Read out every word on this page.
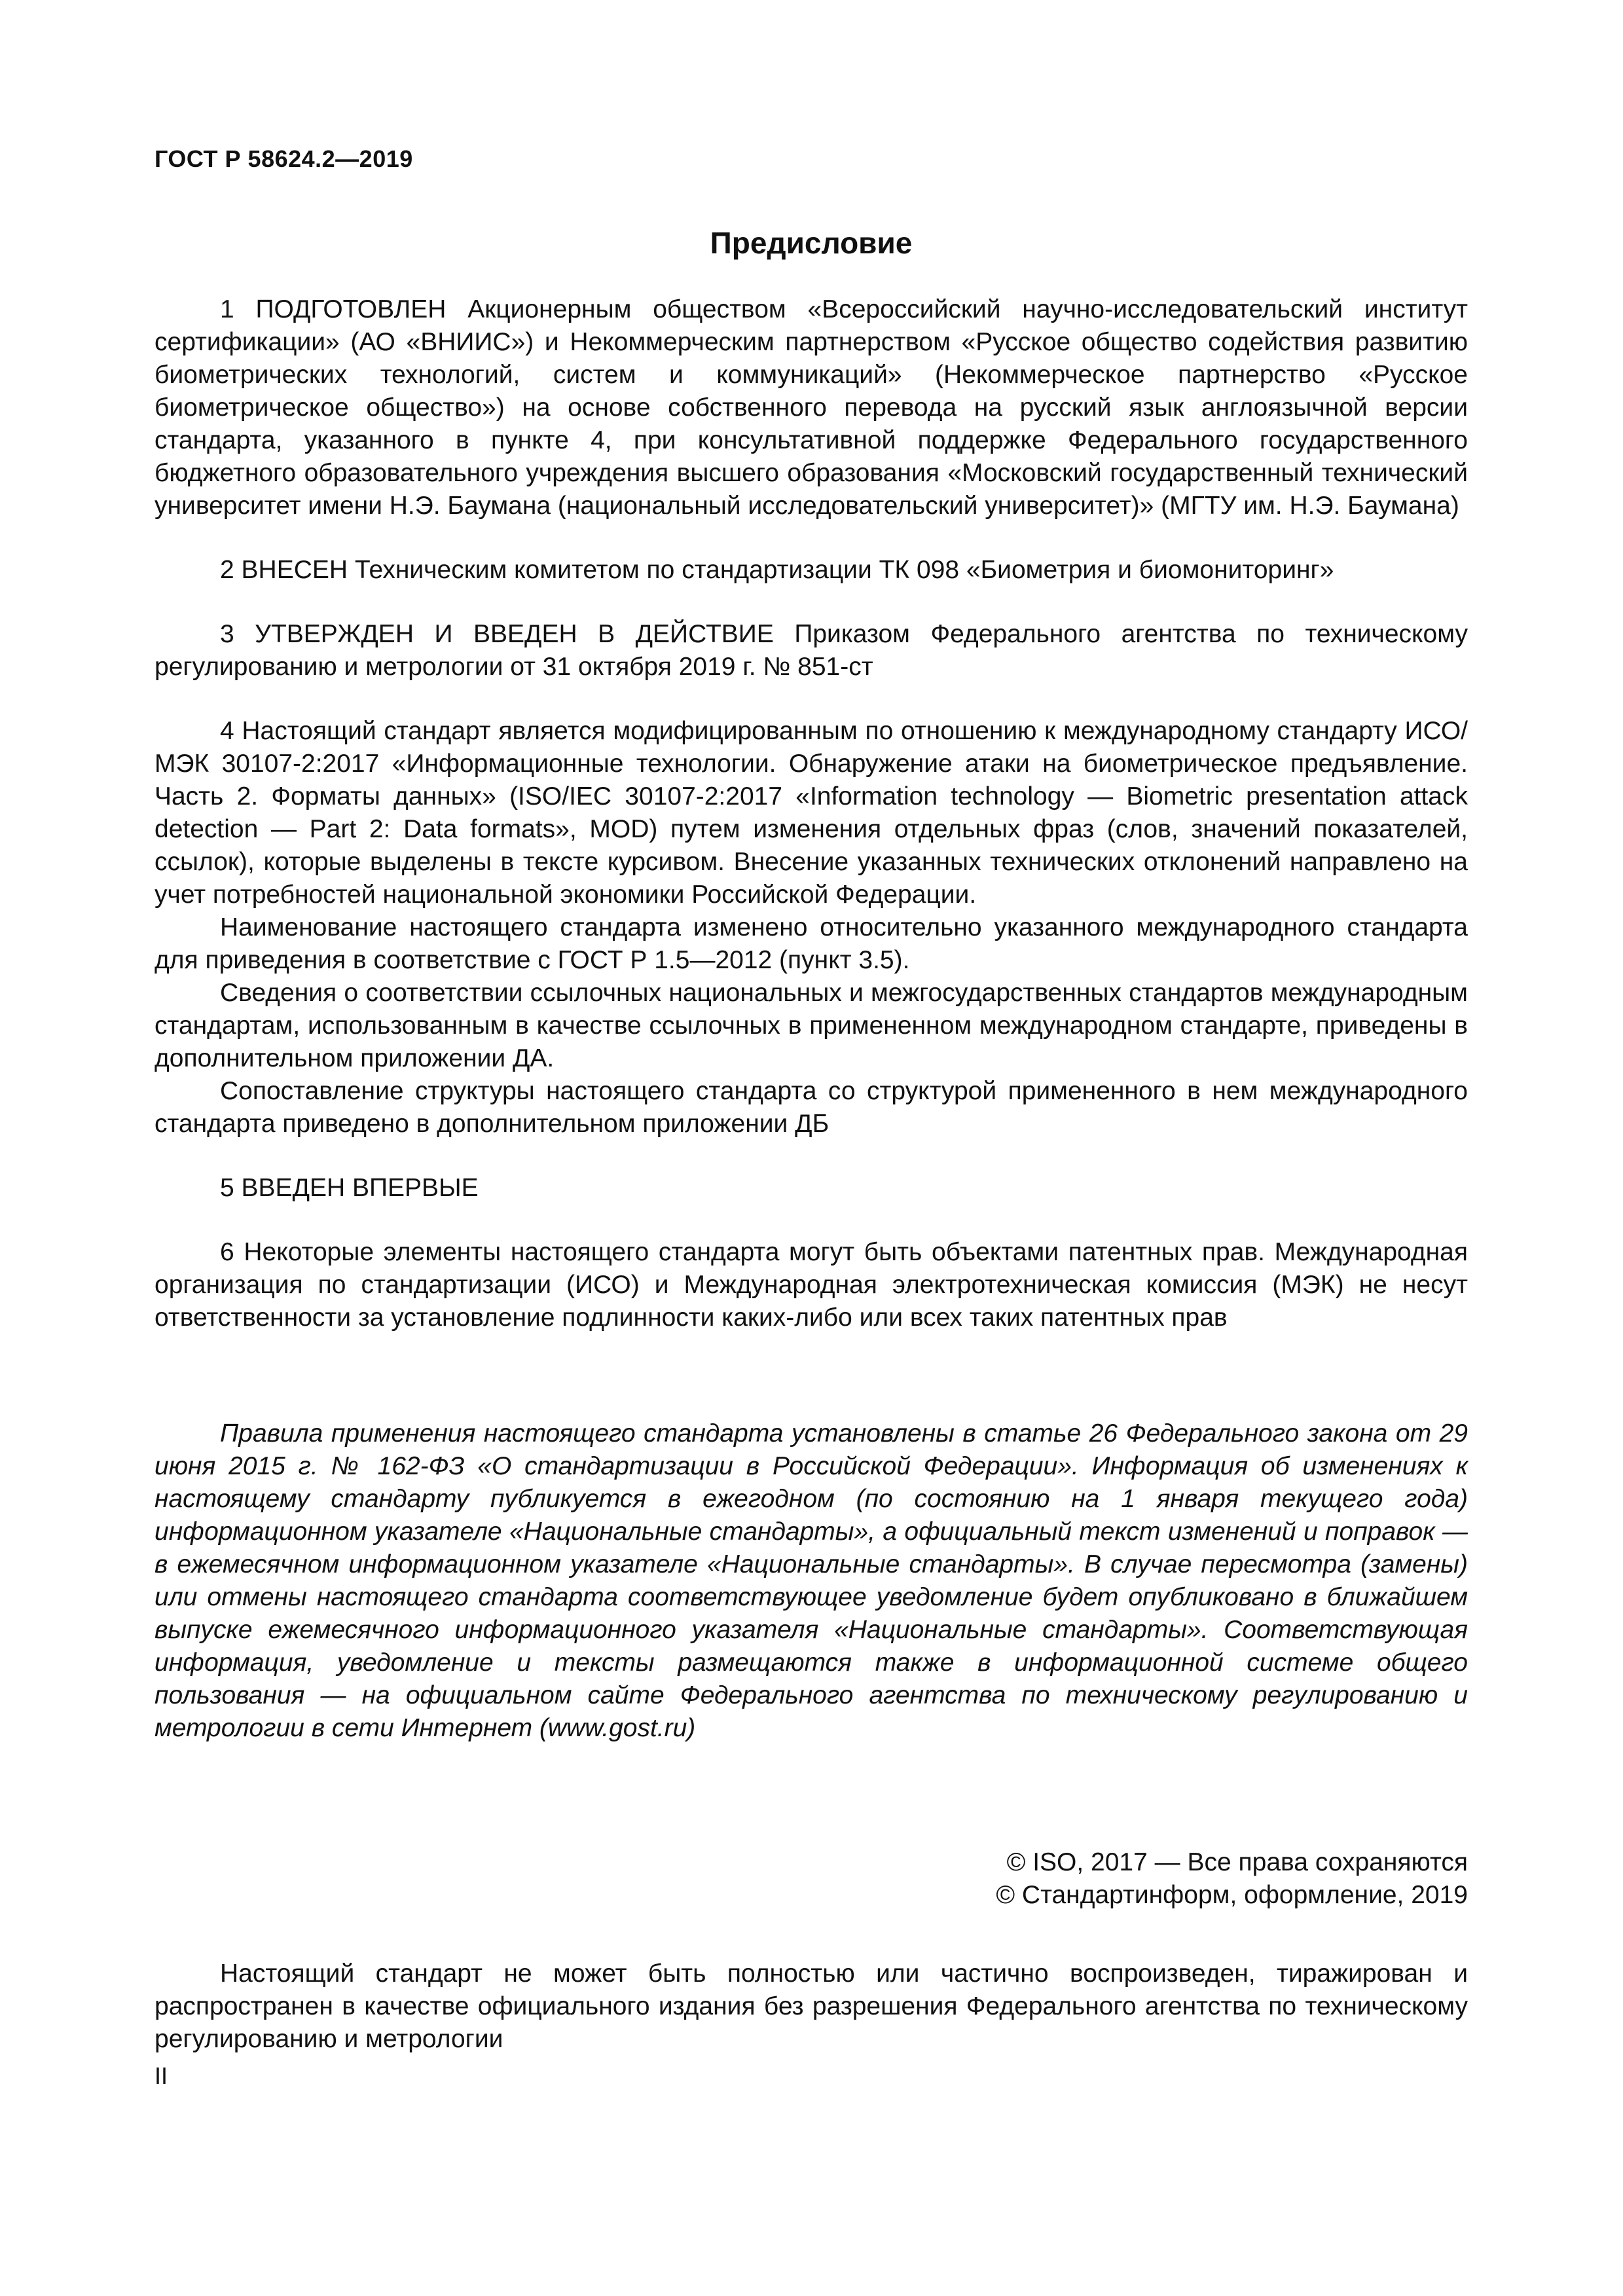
ГОСТ Р 58624.2—2019
Предисловие

1 ПОДГОТОВЛЕН Акционерным обществом «Всероссийский научно-исследовательский институт сертификации» (АО «ВНИИС») и Некоммерческим партнерством «Русское общество содействия развитию биометрических технологий, систем и коммуникаций» (Некоммерческое партнерство «Русское биометрическое общество») на основе собственного перевода на русский язык англоязычной версии стандарта, указанного в пункте 4, при консультативной поддержке Федерального государственного бюджетного образовательного учреждения высшего образования «Московский государственный технический университет имени Н.Э. Баумана (национальный исследовательский университет)» (МГТУ им. Н.Э. Баумана)

2 ВНЕСЕН Техническим комитетом по стандартизации ТК 098 «Биометрия и биомониторинг»

3 УТВЕРЖДЕН И ВВЕДЕН В ДЕЙСТВИЕ Приказом Федерального агентства по техническому регулированию и метрологии от 31 октября 2019 г. № 851-ст

4 Настоящий стандарт является модифицированным по отношению к международному стандарту ИСО/МЭК 30107-2:2017 «Информационные технологии. Обнаружение атаки на биометрическое предъявление. Часть 2. Форматы данных» (ISO/IEC 30107-2:2017 «Information technology — Biometric presentation attack detection — Part 2: Data formats», MOD) путем изменения отдельных фраз (слов, значений показателей, ссылок), которые выделены в тексте курсивом. Внесение указанных технических отклонений направлено на учет потребностей национальной экономики Российской Федерации.

Наименование настоящего стандарта изменено относительно указанного международного стандарта для приведения в соответствие с ГОСТ Р 1.5—2012 (пункт 3.5).

Сведения о соответствии ссылочных национальных и межгосударственных стандартов международным стандартам, использованным в качестве ссылочных в примененном международном стандарте, приведены в дополнительном приложении ДА.

Сопоставление структуры настоящего стандарта со структурой примененного в нем международного стандарта приведено в дополнительном приложении ДБ

5 ВВЕДЕН ВПЕРВЫЕ

6 Некоторые элементы настоящего стандарта могут быть объектами патентных прав. Международная организация по стандартизации (ИСО) и Международная электротехническая комиссия (МЭК) не несут ответственности за установление подлинности каких-либо или всех таких патентных прав

Правила применения настоящего стандарта установлены в статье 26 Федерального закона от 29 июня 2015 г. № 162-ФЗ «О стандартизации в Российской Федерации». Информация об изменениях к настоящему стандарту публикуется в ежегодном (по состоянию на 1 января текущего года) информационном указателе «Национальные стандарты», а официальный текст изменений и поправок — в ежемесячном информационном указателе «Национальные стандарты». В случае пересмотра (замены) или отмены настоящего стандарта соответствующее уведомление будет опубликовано в ближайшем выпуске ежемесячного информационного указателя «Национальные стандарты». Соответствующая информация, уведомление и тексты размещаются также в информационной системе общего пользования — на официальном сайте Федерального агентства по техническому регулированию и метрологии в сети Интернет (www.gost.ru)

© ISO, 2017 — Все права сохраняются
© Стандартинформ, оформление, 2019

Настоящий стандарт не может быть полностью или частично воспроизведен, тиражирован и распространен в качестве официального издания без разрешения Федерального агентства по техническому регулированию и метрологии

II
